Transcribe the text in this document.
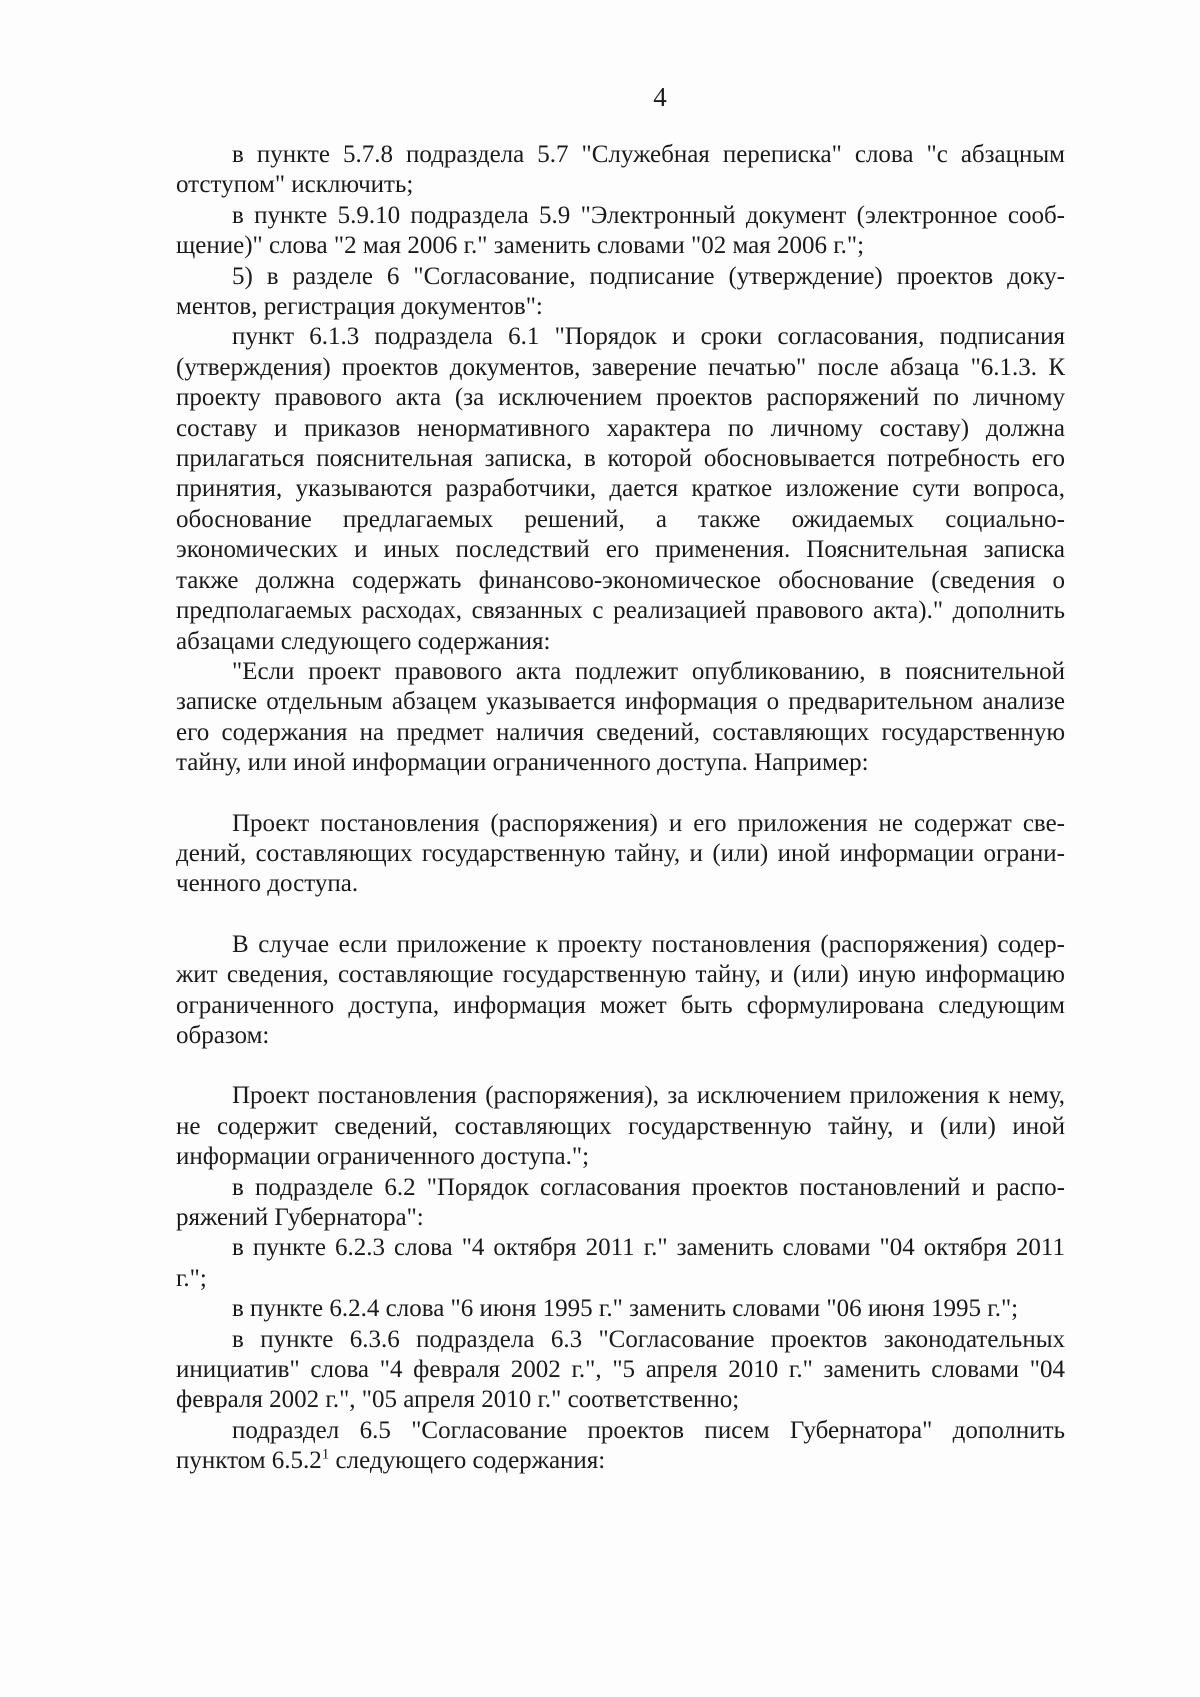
4

в пункте 5.7.8 подраздела 5.7 "Служебная переписка" слова "с абзацным отступом" исключить;

в пункте 5.9.10 подраздела 5.9 "Электронный документ (электронное сообщение)" слова "2 мая 2006 г." заменить словами "02 мая 2006 г.";

5) в разделе 6 "Согласование, подписание (утверждение) проектов документов, регистрация документов":

пункт 6.1.3 подраздела 6.1 "Порядок и сроки согласования, подписания (утверждения) проектов документов, заверение печатью" после абзаца "6.1.3. К проекту правового акта (за исключением проектов распоряжений по личному составу и приказов ненормативного характера по личному составу) должна прилагаться пояснительная записка, в которой обосновывается потребность его принятия, указываются разработчики, дается краткое изложение сути вопроса, обоснование предлагаемых решений, а также ожидаемых социально-экономических и иных последствий его применения. Пояснительная записка также должна содержать финансово-экономическое обоснование (сведения о предполагаемых расходах, связанных с реализацией правового акта)." дополнить абзацами следующего содержания:

"Если проект правового акта подлежит опубликованию, в пояснительной записке отдельным абзацем указывается информация о предварительном анализе его содержания на предмет наличия сведений, составляющих государственную тайну, или иной информации ограниченного доступа. Например:

Проект постановления (распоряжения) и его приложения не содержат сведений, составляющих государственную тайну, и (или) иной информации ограниченного доступа.

В случае если приложение к проекту постановления (распоряжения) содержит сведения, составляющие государственную тайну, и (или) иную информацию ограниченного доступа, информация может быть сформулирована следующим образом:

Проект постановления (распоряжения), за исключением приложения к нему, не содержит сведений, составляющих государственную тайну, и (или) иной информации ограниченного доступа.";

в подразделе 6.2 "Порядок согласования проектов постановлений и распоряжений Губернатора":

в пункте 6.2.3 слова "4 октября 2011 г." заменить словами "04 октября 2011 г.";

в пункте 6.2.4 слова "6 июня 1995 г." заменить словами "06 июня 1995 г.";

в пункте 6.3.6 подраздела 6.3 "Согласование проектов законодательных инициатив" слова "4 февраля 2002 г.", "5 апреля 2010 г." заменить словами "04 февраля 2002 г.", "05 апреля 2010 г." соответственно;

подраздел 6.5 "Согласование проектов писем Губернатора" дополнить пунктом 6.5.2$^1$ следующего содержания:
